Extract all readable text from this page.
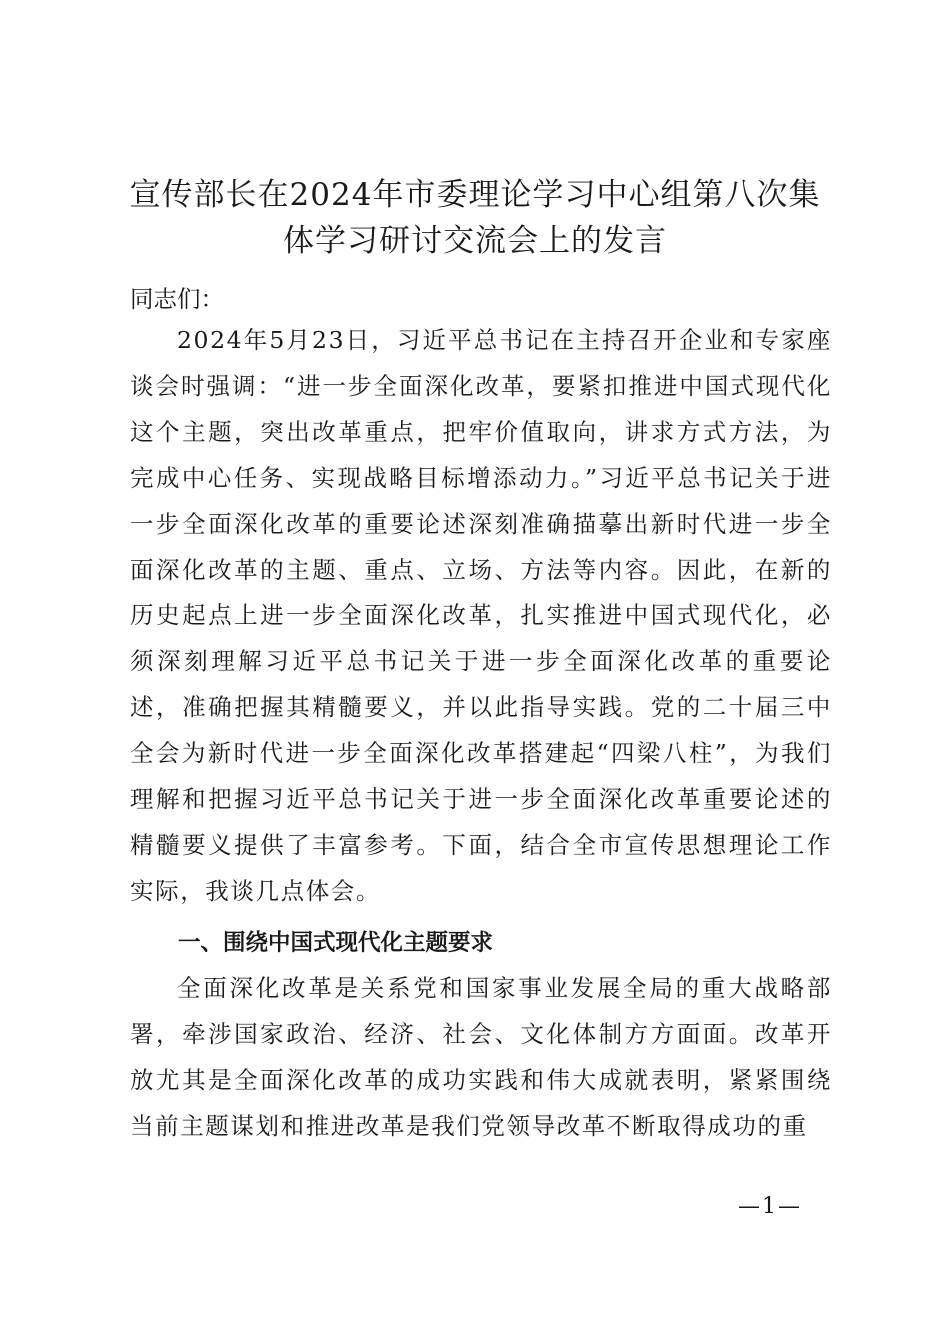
宣传部长在2024年市委理论学习中心组第八次集体学习研讨交流会上的发言

同志们：

2024年5月23日，习近平总书记在主持召开企业和专家座谈会时强调：“进一步全面深化改革，要紧扣推进中国式现代化这个主题，突出改革重点，把牢价值取向，讲求方式方法，为完成中心任务、实现战略目标增添动力。”习近平总书记关于进一步全面深化改革的重要论述深刻准确描摹出新时代进一步全面深化改革的主题、重点、立场、方法等内容。因此，在新的历史起点上进一步全面深化改革，扎实推进中国式现代化，必须深刻理解习近平总书记关于进一步全面深化改革的重要论述，准确把握其精髓要义，并以此指导实践。党的二十届三中全会为新时代进一步全面深化改革搭建起“四梁八柱”，为我们理解和把握习近平总书记关于进一步全面深化改革重要论述的精髓要义提供了丰富参考。下面，结合全市宣传思想理论工作实际，我谈几点体会。

一、围绕中国式现代化主题要求

全面深化改革是关系党和国家事业发展全局的重大战略部署，牵涉国家政治、经济、社会、文化体制方方面面。改革开放尤其是全面深化改革的成功实践和伟大成就表明，紧紧围绕当前主题谋划和推进改革是我们党领导改革不断取得成功的重

—1—
